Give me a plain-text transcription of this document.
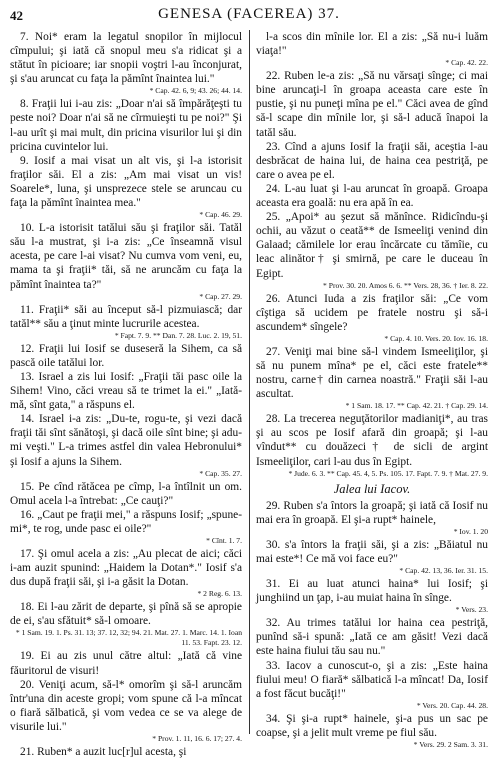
42	GENESA (FACEREA) 37.
7. Noi* eram la legatul snopilor în mijlocul cîmpului; şi iată că snopul meu s'a ridicat şi a stătut în picioare; iar snopii voştri l-au înconjurat, şi s'au aruncat cu faţa la pămînt înaintea lui."
* Cap. 42. 6, 9; 43. 26; 44. 14.
8. Fraţii lui i-au zis: „Doar n'ai să împărăţeşti tu peste noi? Doar n'ai să ne cîrmuieşti tu pe noi?" Şi l-au urît şi mai mult, din pricina visurilor lui şi din pricina cuvintelor lui.
9. Iosif a mai visat un alt vis, şi l-a istorisit fraţilor săi. El a zis: „Am mai visat un vis! Soarele*, luna, şi unsprezece stele se aruncau cu faţa la pămînt înaintea mea."
* Cap. 46. 29.
10. L-a istorisit tatălui său şi fraţilor săi. Tatăl său l-a mustrat, şi i-a zis: „Ce înseamnă visul acesta, pe care l-ai visat? Nu cumva vom veni, eu, mama ta şi fraţii* tăi, să ne aruncăm cu faţa la pămînt înaintea ta?"
* Cap. 27. 29.
11. Fraţii* săi au început să-l pizmuiască; dar tatăl** său a ţinut minte lucrurile acestea.
* Fapt. 7. 9. ** Dan. 7. 28. Luc. 2. 19, 51.
12. Fraţii lui Iosif se duseseră la Sihem, ca să pască oile tatălui lor.
13. Israel a zis lui Iosif: „Fraţii tăi pasc oile la Sihem! Vino, căci vreau să te trimet la ei." „Iată-mă, sînt gata," a răspuns el.
14. Israel i-a zis: „Du-te, rogu-te, şi vezi dacă fraţii tăi sînt sănătoşi, şi dacă oile sînt bine; şi adu-mi veşti." L-a trimes astfel din valea Hebronului* şi Iosif a ajuns la Sihem.
* Cap. 35. 27.
15. Pe cînd rătăcea pe cîmp, l-a întîlnit un om. Omul acela l-a întrebat: „Ce cauţi?"
16. „Caut pe fraţii mei," a răspuns Iosif; „spune-mi*, te rog, unde pasc ei oile?"
* Cînt. 1. 7.
17. Şi omul acela a zis: „Au plecat de aici; căci i-am auzit spunind: „Haidem la Dotan*." Iosif s'a dus după fraţii săi, şi i-a găsit la Dotan.
* 2 Reg. 6. 13.
18. Ei l-au zărit de departe, şi pînă să se apropie de ei, s'au sfătuit* să-l omoare.
* 1 Sam. 19. 1. Ps. 31. 13; 37. 12, 32; 94. 21. Mat. 27. 1. Marc. 14. 1. Ioan 11. 53. Fapt. 23. 12.
19. Ei au zis unul către altul: „Iată că vine făuritorul de visuri!
20. Veniţi acum, să-l* omorîm şi să-l aruncăm într'una din aceste gropi; vom spune că l-a mîncat o fiară sălbatică, şi vom vedea ce se va alege de visurile lui."
* Prov. 1. 11, 16. 6. 17; 27. 4.
21. Ruben* a auzit luc[r]ul acesta, şi
l-a scos din mînile lor. El a zis: „Să nu-i luăm viaţa!"
* Cap. 42. 22.
22. Ruben le-a zis: „Să nu vărsaţi sînge; ci mai bine aruncaţi-l în groapa aceasta care este în pustie, şi nu puneţi mîna pe el." Căci avea de gînd să-l scape din mînile lor, şi să-l aducă înapoi la tatăl său.
23. Cînd a ajuns Iosif la fraţii săi, aceştia l-au desbrăcat de haina lui, de haina cea pestriţă, pe care o avea pe el.
24. L-au luat şi l-au aruncat în groapă. Groapa aceasta era goală: nu era apă în ea.
25. „Apoi* au şezut să mănînce. Ridicîndu-şi ochii, au văzut o ceată** de Ismeeliţi venind din Galaad; cămilele lor erau încărcate cu tămîie, cu leac alinător† şi smirnă, pe care le duceau în Egipt.
* Prov. 30. 20. Amos 6. 6. ** Vers. 28, 36. † Ier. 8. 22.
26. Atunci Iuda a zis fraţilor săi: „Ce vom cîştiga să ucidem pe fratele nostru şi să-i ascundem* sîngele?
* Cap. 4. 10. Vers. 20. Iov. 16. 18.
27. Veniţi mai bine să-l vindem Ismeeliţilor, şi să nu punem mîna* pe el, căci este fratele** nostru, carne† din carnea noastră." Fraţii săi l-au ascultat.
* 1 Sam. 18. 17. ** Cap. 42. 21. † Cap. 29. 14.
28. La trecerea neguţătorilor madianiţi*, au tras şi au scos pe Iosif afară din groapă; şi l-au vîndut** cu douăzeci† de sicli de argint Ismeeliţilor, cari l-au dus în Egipt.
* Jude. 6. 3. ** Cap. 45. 4, 5. Ps. 105. 17. Fapt. 7. 9. † Mat. 27. 9.
Jalea lui Iacov.
29. Ruben s'a întors la groapă; şi iată că Iosif nu mai era în groapă. El şi-a rupt* hainele,
* Iov. 1. 20
30. s'a întors la fraţii săi, şi a zis: „Băiatul nu mai este*! Ce mă voi face eu?"
* Cap. 42. 13, 36. Ier. 31. 15.
31. Ei au luat atunci haina* lui Iosif; şi junghiind un ţap, i-au muiat haina în sînge.
* Vers. 23.
32. Au trimes tatălui lor haina cea pestriţă, punînd să-i spună: „Iată ce am găsit! Vezi dacă este haina fiului tău sau nu."
33. Iacov a cunoscut-o, şi a zis: „Este haina fiului meu! O fiară* sălbatică l-a mîncat! Da, Iosif a fost făcut bucăţi!"
* Vers. 20. Cap. 44. 28.
34. Şi şi-a rupt* hainele, şi-a pus un sac pe coapse, şi a jelit mult vreme pe fiul său.
* Vers. 29. 2 Sam. 3. 31.
